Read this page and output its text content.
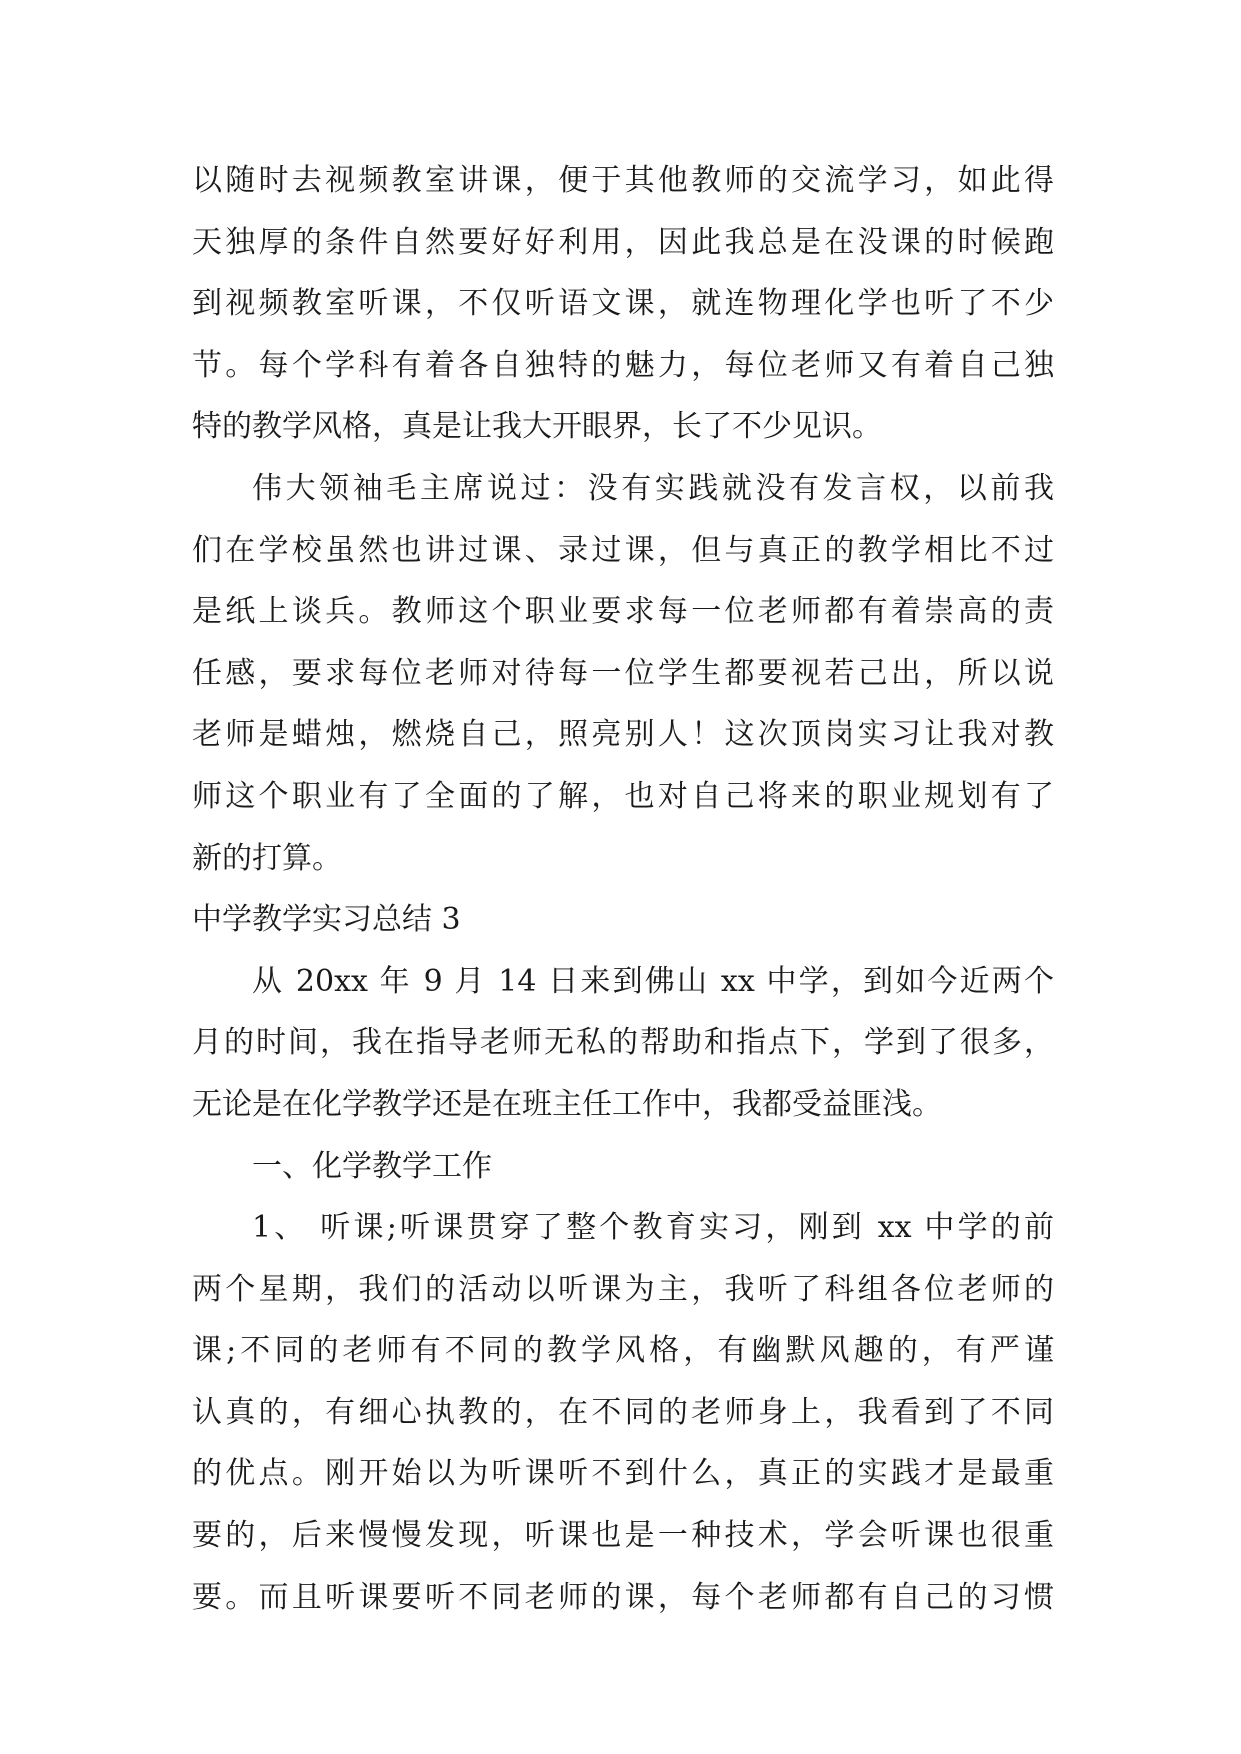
以随时去视频教室讲课，便于其他教师的交流学习，如此得
天独厚的条件自然要好好利用，因此我总是在没课的时候跑
到视频教室听课，不仅听语文课，就连物理化学也听了不少
节。每个学科有着各自独特的魅力，每位老师又有着自己独
特的教学风格，真是让我大开眼界，长了不少见识。
伟大领袖毛主席说过：没有实践就没有发言权，以前我
们在学校虽然也讲过课、录过课，但与真正的教学相比不过
是纸上谈兵。教师这个职业要求每一位老师都有着崇高的责
任感，要求每位老师对待每一位学生都要视若己出，所以说
老师是蜡烛，燃烧自己，照亮别人！这次顶岗实习让我对教
师这个职业有了全面的了解，也对自己将来的职业规划有了
新的打算。
中学教学实习总结 3
从 20xx 年 9 月 14 日来到佛山 xx 中学，到如今近两个
月的时间，我在指导老师无私的帮助和指点下，学到了很多，
无论是在化学教学还是在班主任工作中，我都受益匪浅。
一、化学教学工作
1、 听课;听课贯穿了整个教育实习，刚到 xx 中学的前
两个星期，我们的活动以听课为主，我听了科组各位老师的
课;不同的老师有不同的教学风格，有幽默风趣的，有严谨
认真的，有细心执教的，在不同的老师身上，我看到了不同
的优点。刚开始以为听课听不到什么，真正的实践才是最重
要的，后来慢慢发现，听课也是一种技术，学会听课也很重
要。而且听课要听不同老师的课，每个老师都有自己的习惯
